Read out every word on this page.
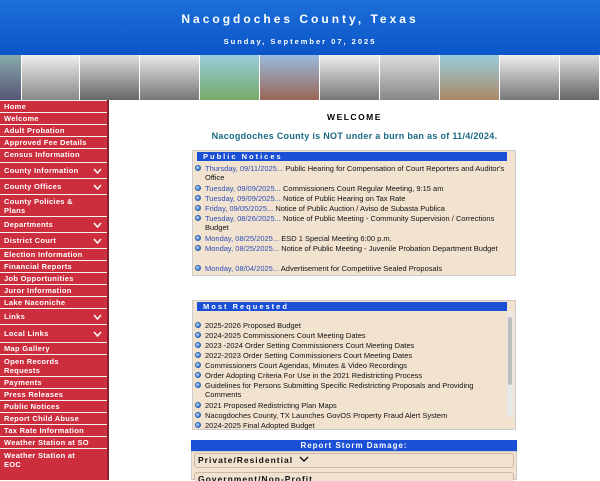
Nacogdoches County, Texas
Sunday, September 07, 2025
Home
Welcome
Adult Probation
Approved Fee Details
Census Information
County Information
County Offices
County Policies & Plans
Departments
District Court
Election Information
Financial Reports
Job Opportunities
Juror Information
Lake Naconiche
Links
Local Links
Map Gallery
Open Records Requests
Payments
Press Releases
Public Notices
Report Child Abuse
Tax Rate Information
Weather Station at SO
Weather Station at EOC
WELCOME
Nacogdoches County is NOT under a burn ban as of 11/4/2024.
Public Notices
Thursday, 09/11/2025... Public Hearing for Compensation of Court Reporters and Auditor's Office
Tuesday, 09/09/2025... Commissioners Court Regular Meeting, 9:15 am
Tuesday, 09/09/2025... Notice of Public Hearing on Tax Rate
Friday, 09/05/2025... Notice of Public Auction / Aviso de Subasta Publica
Tuesday, 08/26/2025... Notice of Public Meeting - Community Supervision / Corrections Budget
Monday, 08/25/2025... ESD 1 Special Meeting 6:00 p.m.
Monday, 08/25/2025... Notice of Public Meeting - Juvenile Probation Department Budget
Monday, 08/04/2025... Advertisement for Competitive Sealed Proposals
Most Requested
2025-2026 Proposed Budget
2024-2025 Commissioners Court Meeting Dates
2023 -2024 Order Setting Commissioners Court Meeting Dates
2022-2023 Order Setting Commissioners Court Meeting Dates
Commissioners Court Agendas, Minutes & Video Recordings
Order Adopting Criteria For Use in the 2021 Redistricting Process
Guidelines for Persons Submitting Specific Redistricting Proposals and Providing Comments
2021 Proposed Redistricting Plan Maps
Nacogdoches County, TX Launches GovOS Property Fraud Alert System
2024-2025 Final Adopted Budget
Report Storm Damage:
Private/Residential
Government/Non-Profit
